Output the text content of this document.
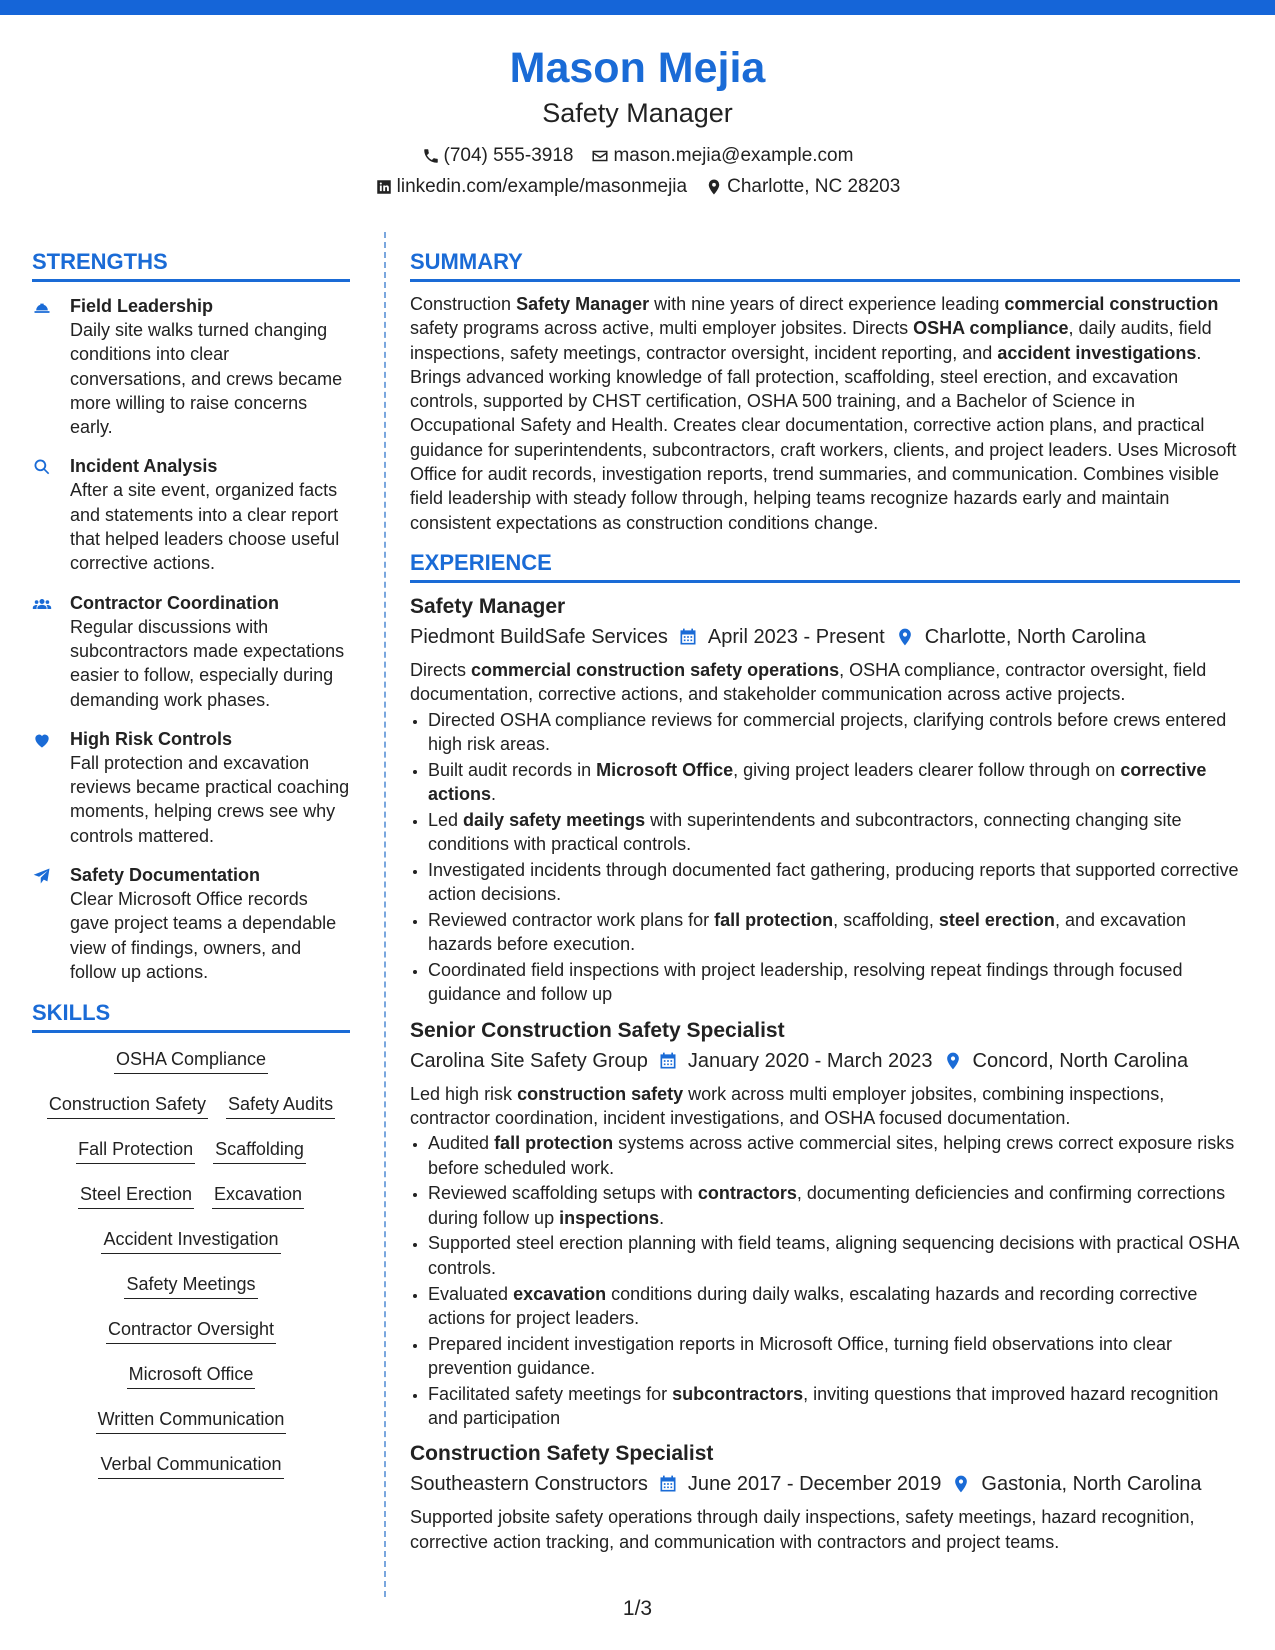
Mason Mejia
Safety Manager
(704) 555-3918 mason.mejia@example.com
linkedin.com/example/masonmejia Charlotte, NC 28203
STRENGTHS
Field Leadership
Daily site walks turned changing conditions into clear conversations, and crews became more willing to raise concerns early.
Incident Analysis
After a site event, organized facts and statements into a clear report that helped leaders choose useful corrective actions.
Contractor Coordination
Regular discussions with subcontractors made expectations easier to follow, especially during demanding work phases.
High Risk Controls
Fall protection and excavation reviews became practical coaching moments, helping crews see why controls mattered.
Safety Documentation
Clear Microsoft Office records gave project teams a dependable view of findings, owners, and follow up actions.
SKILLS
OSHA Compliance
Construction Safety Safety Audits
Fall Protection Scaffolding
Steel Erection Excavation
Accident Investigation
Safety Meetings
Contractor Oversight
Microsoft Office
Written Communication
Verbal Communication
SUMMARY

Construction Safety Manager with nine years of direct experience leading commercial construction safety programs across active, multi employer jobsites. Directs OSHA compliance, daily audits, field inspections, safety meetings, contractor oversight, incident reporting, and accident investigations. Brings advanced working knowledge of fall protection, scaffolding, steel erection, and excavation controls, supported by CHST certification, OSHA 500 training, and a Bachelor of Science in Occupational Safety and Health. Creates clear documentation, corrective action plans, and practical guidance for superintendents, subcontractors, craft workers, clients, and project leaders. Uses Microsoft Office for audit records, investigation reports, trend summaries, and communication. Combines visible field leadership with steady follow through, helping teams recognize hazards early and maintain consistent expectations as construction conditions change.

EXPERIENCE
Safety Manager
Piedmont BuildSafe Services April 2023 - Present Charlotte, North Carolina

Directs commercial construction safety operations, OSHA compliance, contractor oversight, field documentation, corrective actions, and stakeholder communication across active projects.

• Directed OSHA compliance reviews for commercial projects, clarifying controls before crews entered high risk areas.
• Built audit records in Microsoft Office, giving project leaders clearer follow through on corrective actions.
• Led daily safety meetings with superintendents and subcontractors, connecting changing site conditions with practical controls.
• Investigated incidents through documented fact gathering, producing reports that supported corrective action decisions.
• Reviewed contractor work plans for fall protection, scaffolding, steel erection, and excavation hazards before execution.
• Coordinated field inspections with project leadership, resolving repeat findings through focused guidance and follow up
Senior Construction Safety Specialist
Carolina Site Safety Group January 2020 - March 2023 Concord, North Carolina

Led high risk construction safety work across multi employer jobsites, combining inspections, contractor coordination, incident investigations, and OSHA focused documentation.

• Audited fall protection systems across active commercial sites, helping crews correct exposure risks before scheduled work.
• Reviewed scaffolding setups with contractors, documenting deficiencies and confirming corrections during follow up inspections.
• Supported steel erection planning with field teams, aligning sequencing decisions with practical OSHA controls.
• Evaluated excavation conditions during daily walks, escalating hazards and recording corrective actions for project leaders.
• Prepared incident investigation reports in Microsoft Office, turning field observations into clear prevention guidance.
• Facilitated safety meetings for subcontractors, inviting questions that improved hazard recognition and participation
Construction Safety Specialist
Southeastern Constructors June 2017 - December 2019 Gastonia, North Carolina

Supported jobsite safety operations through daily inspections, safety meetings, hazard recognition, corrective action tracking, and communication with contractors and project teams.

1/3
